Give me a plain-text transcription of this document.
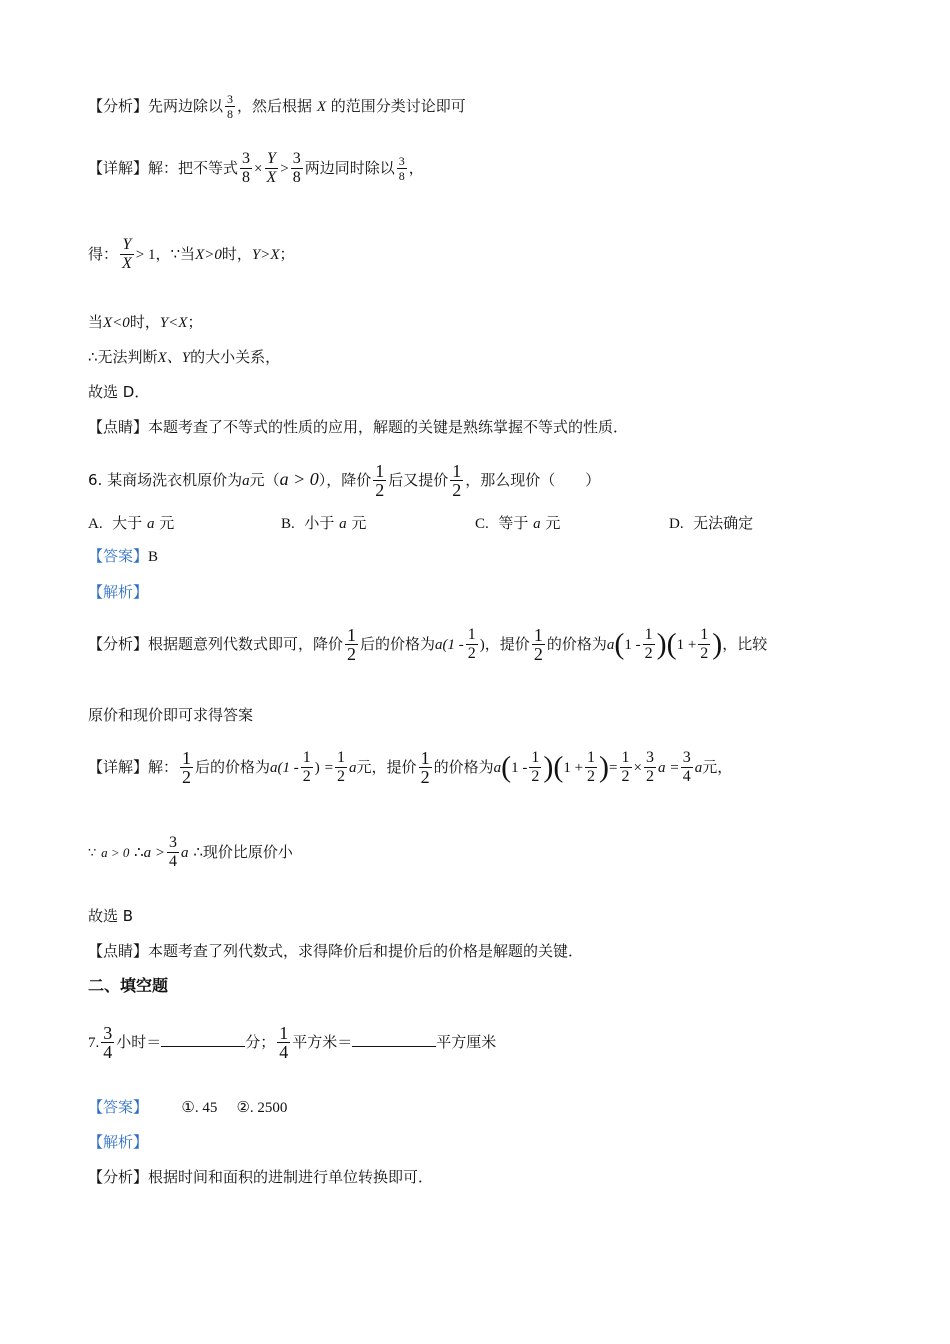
【分析】先两边除以 $\frac{3}{8}$ ，然后根据 X 的范围分类讨论即可
【详解】解：把不等式 $\frac{3}{8} \times \frac{Y}{X} > \frac{3}{8}$ 两边同时除以 $\frac{3}{8}$ ，
得： $\frac{Y}{X} > 1$，∵当X>0时，Y>X；
当X<0时，Y<X；
∴无法判断X、Y的大小关系，
故选 D．
【点睛】本题考查了不等式的性质的应用，解题的关键是熟练掌握不等式的性质．
6. 某商场洗衣机原价为a元（a > 0），降价 $\frac{1}{2}$ 后又提价 $\frac{1}{2}$ ，那么现价（　　）
A. 大于 a 元	B. 小于 a 元	C. 等于 a 元	D. 无法确定
【答案】B
【解析】
【分析】根据题意列代数式即可，降价 $\frac{1}{2}$ 后的价格为$a(1 - \frac{1}{2}$ )，提价 $\frac{1}{2}$ 的价格为$a(1 - \frac{1}{2} )(1 + \frac{1}{2}$ )，比较
原价和现价即可求得答案
【详解】解： $\frac{1}{2}$ 后的价格为$a(1 - \frac{1}{2}$ ) = $\frac{1}{2}$ a元，提价 $\frac{1}{2}$ 的价格为$a(1 - \frac{1}{2} )(1 + \frac{1}{2}$ )= $\frac{1}{2} \times \frac{3}{2}$ $a = \frac{3}{4}$ a元，
∵ a > 0 ∴a > $\frac{3}{4}$ a ∴现价比原价小
故选 B
【点睛】本题考查了列代数式，求得降价后和提价后的价格是解题的关键．
二、填空题
7. $\frac{3}{4}$ 小时＝	分； $\frac{1}{4}$ 平方米＝	平方厘米
【答案】 ①. 45 ②. 2500
【解析】
【分析】根据时间和面积的进制进行单位转换即可．
